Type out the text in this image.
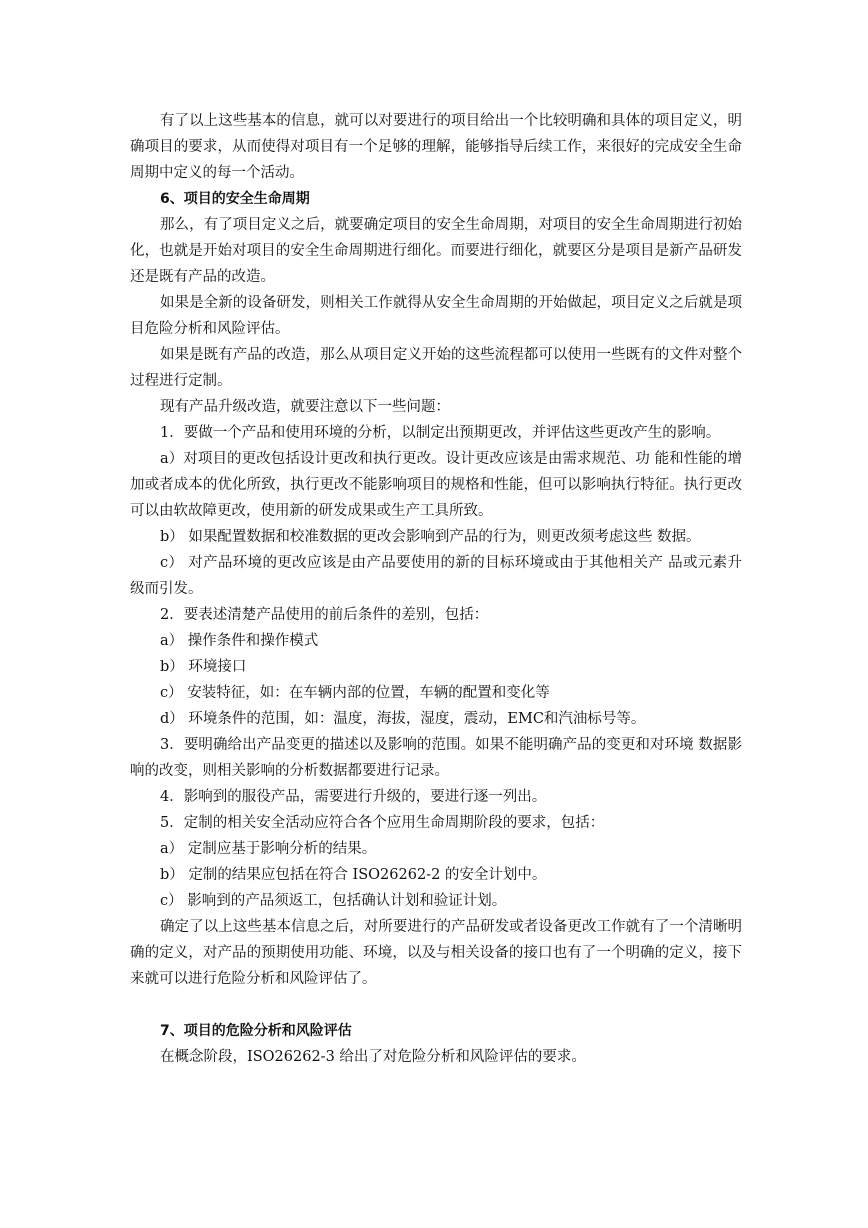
有了以上这些基本的信息，就可以对要进行的项目给出一个比较明确和具体的项目定义，明确项目的要求，从而使得对项目有一个足够的理解，能够指导后续工作，来很好的完成安全生命周期中定义的每一个活动。

6、项目的安全生命周期

那么，有了项目定义之后，就要确定项目的安全生命周期，对项目的安全生命周期进行初始化，也就是开始对项目的安全生命周期进行细化。而要进行细化，就要区分是项目是新产品研发还是既有产品的改造。

如果是全新的设备研发，则相关工作就得从安全生命周期的开始做起，项目定义之后就是项目危险分析和风险评估。

如果是既有产品的改造，那么从项目定义开始的这些流程都可以使用一些既有的文件对整个过程进行定制。

现有产品升级改造，就要注意以下一些问题：

1．要做一个产品和使用环境的分析，以制定出预期更改，并评估这些更改产生的影响。

a）对项目的更改包括设计更改和执行更改。设计更改应该是由需求规范、功 能和性能的增加或者成本的优化所致，执行更改不能影响项目的规格和性能，但可以影响执行特征。执行更改可以由软故障更改，使用新的研发成果或生产工具所致。

b） 如果配置数据和校准数据的更改会影响到产品的行为，则更改须考虑这些 数据。

c） 对产品环境的更改应该是由产品要使用的新的目标环境或由于其他相关产 品或元素升级而引发。

2．要表述清楚产品使用的前后条件的差别，包括：

a） 操作条件和操作模式

b） 环境接口

c） 安装特征，如：在车辆内部的位置，车辆的配置和变化等

d） 环境条件的范围，如：温度，海拔，湿度，震动，EMC和汽油标号等。

3．要明确给出产品变更的描述以及影响的范围。如果不能明确产品的变更和对环境 数据影响的改变，则相关影响的分析数据都要进行记录。

4．影响到的服役产品，需要进行升级的，要进行逐一列出。

5．定制的相关安全活动应符合各个应用生命周期阶段的要求，包括：

a） 定制应基于影响分析的结果。

b） 定制的结果应包括在符合 ISO26262-2 的安全计划中。

c） 影响到的产品须返工，包括确认计划和验证计划。

确定了以上这些基本信息之后，对所要进行的产品研发或者设备更改工作就有了一个清晰明确的定义，对产品的预期使用功能、环境，以及与相关设备的接口也有了一个明确的定义，接下来就可以进行危险分析和风险评估了。

7、项目的危险分析和风险评估

在概念阶段，ISO26262-3 给出了对危险分析和风险评估的要求。
